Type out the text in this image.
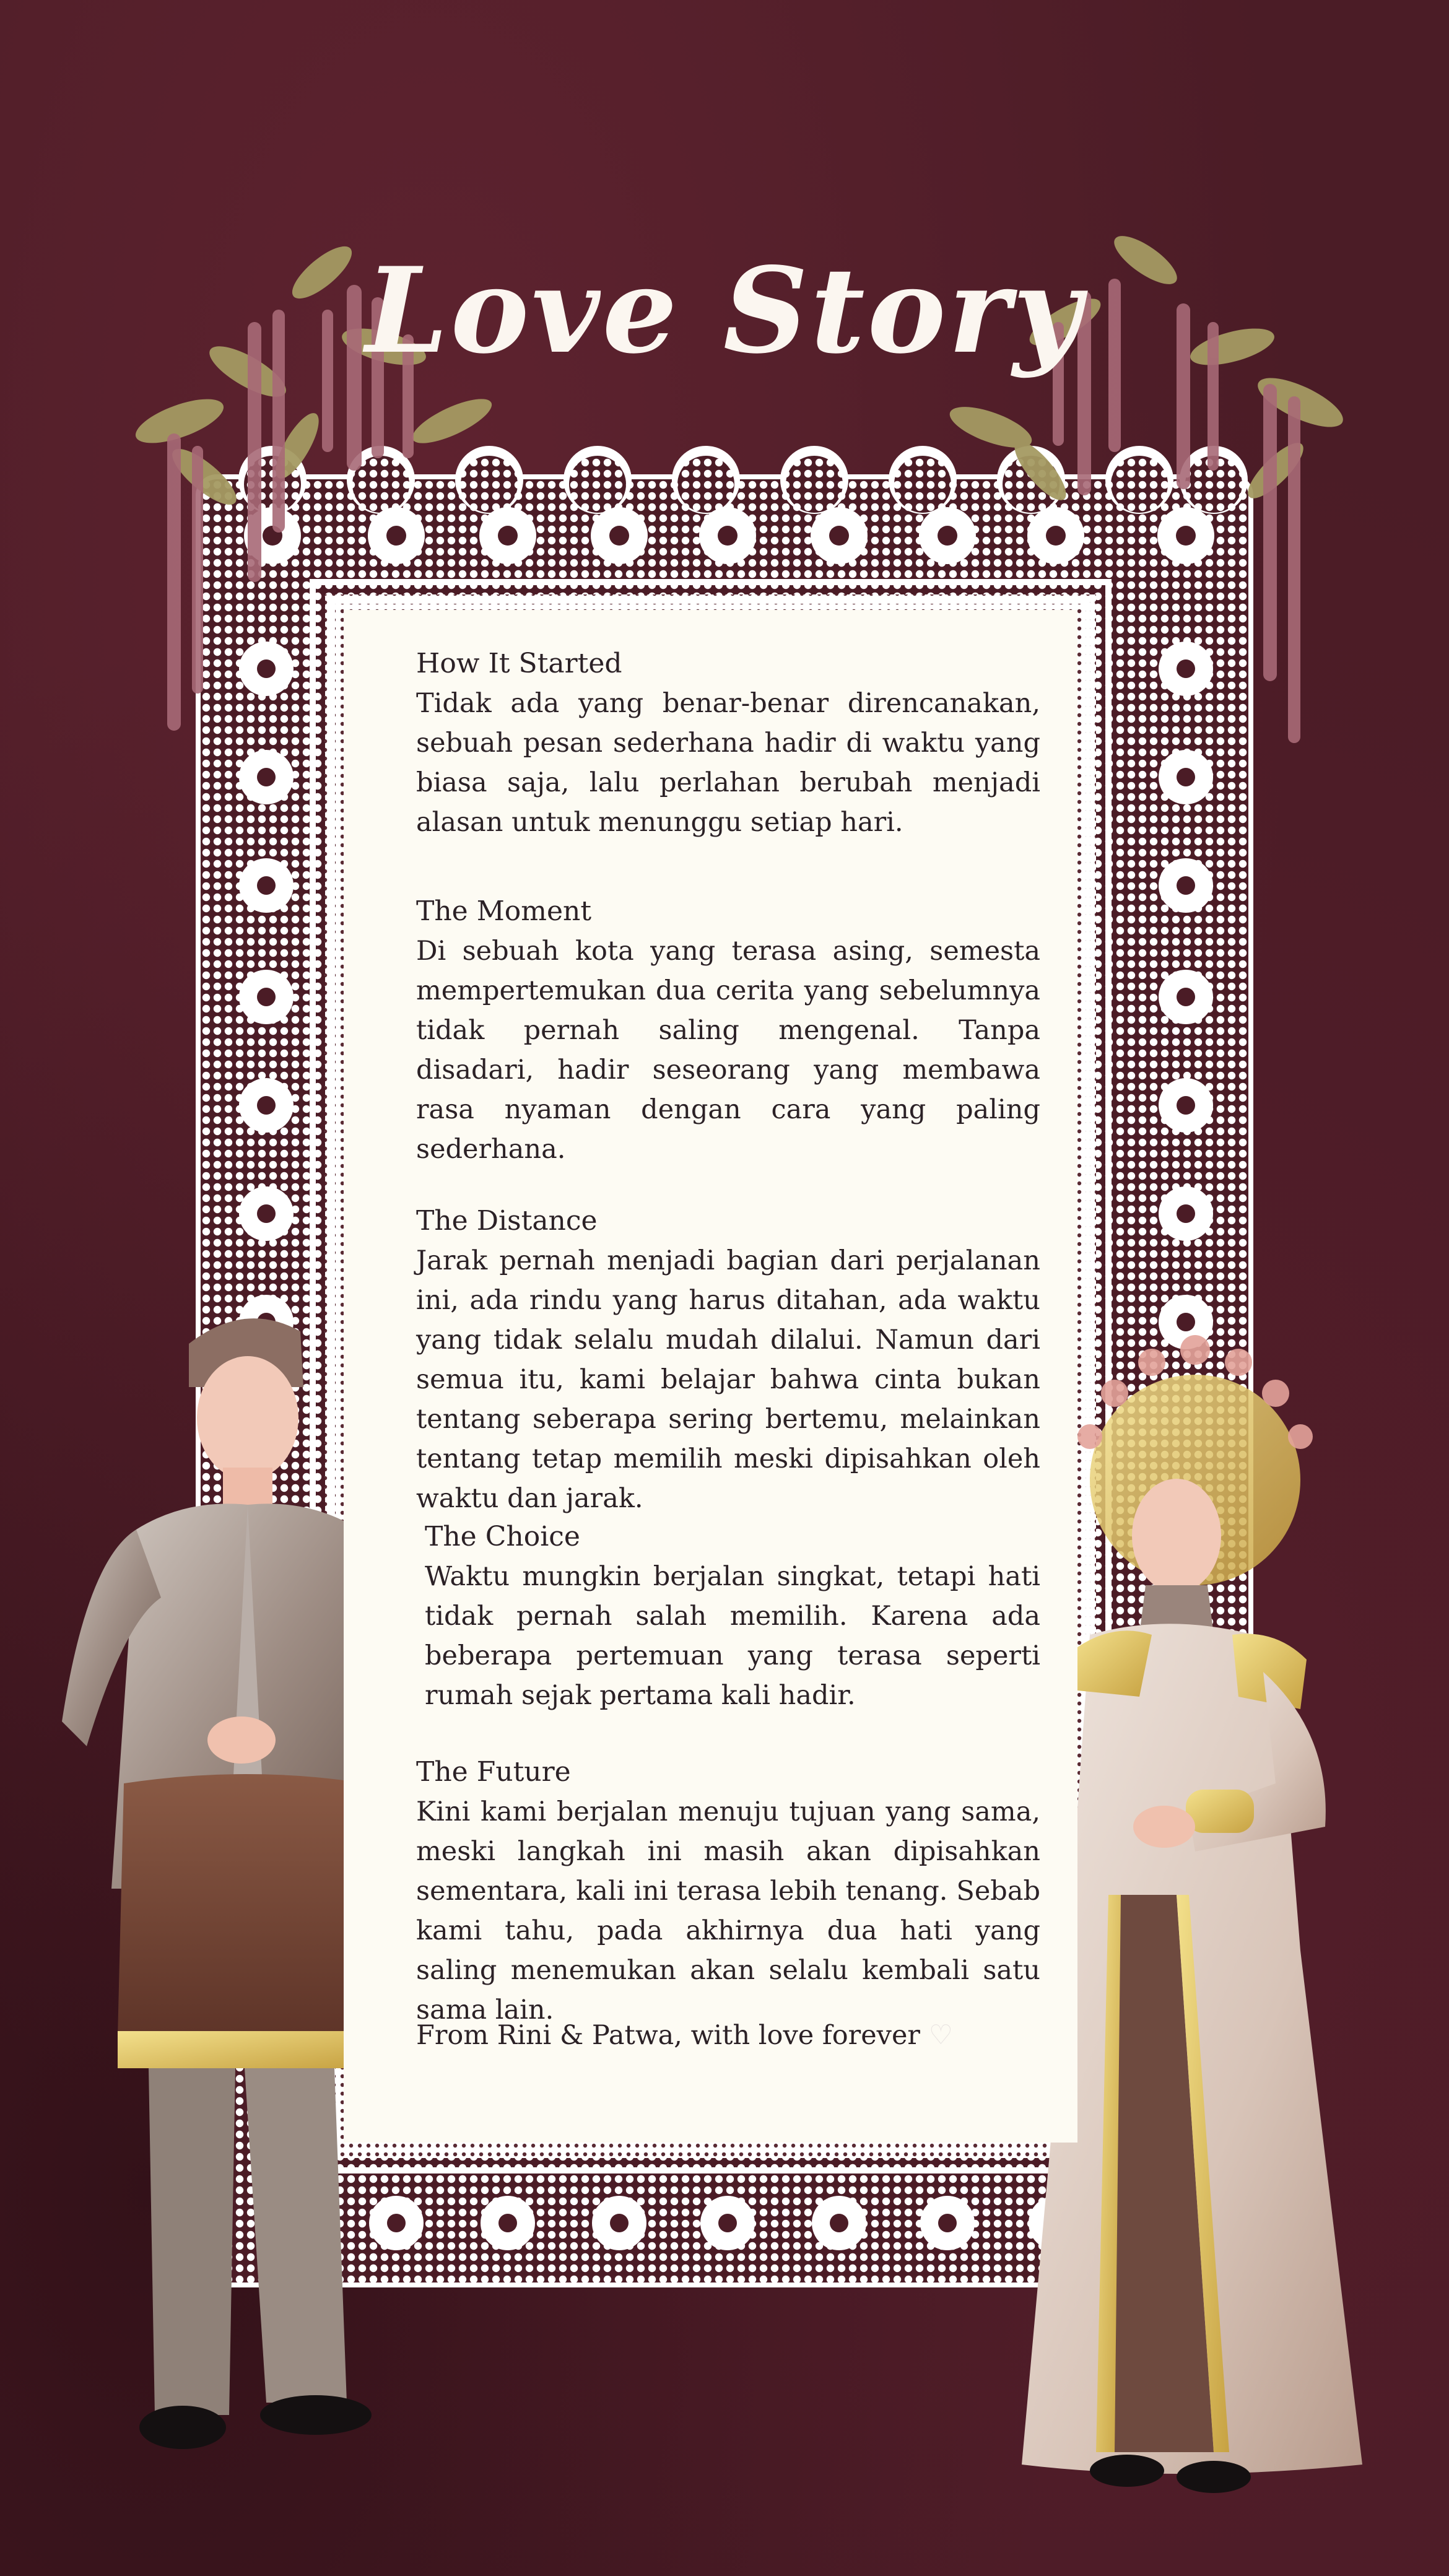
Love Story
How It Started

Tidak ada yang benar-benar direncanakan, sebuah pesan sederhana hadir di waktu yang biasa saja, lalu perlahan berubah menjadi alasan untuk menunggu setiap hari.

The Moment

Di sebuah kota yang terasa asing, semesta mempertemukan dua cerita yang sebelumnya tidak pernah saling mengenal. Tanpa disadari, hadir seseorang yang membawa rasa nyaman dengan cara yang paling sederhana.

The Distance

Jarak pernah menjadi bagian dari perjalanan ini, ada rindu yang harus ditahan, ada waktu yang tidak selalu mudah dilalui. Namun dari semua itu, kami belajar bahwa cinta bukan tentang seberapa sering bertemu, melainkan tentang tetap memilih meski dipisahkan oleh waktu dan jarak.

The Choice

Waktu mungkin berjalan singkat, tetapi hati tidak pernah salah memilih. Karena ada beberapa pertemuan yang terasa seperti rumah sejak pertama kali hadir.

The Future

Kini kami berjalan menuju tujuan yang sama, meski langkah ini masih akan dipisahkan sementara, kali ini terasa lebih tenang. Sebab kami tahu, pada akhirnya dua hati yang saling menemukan akan selalu kembali satu sama lain.

From Rini & Patwa, with love forever ♡
